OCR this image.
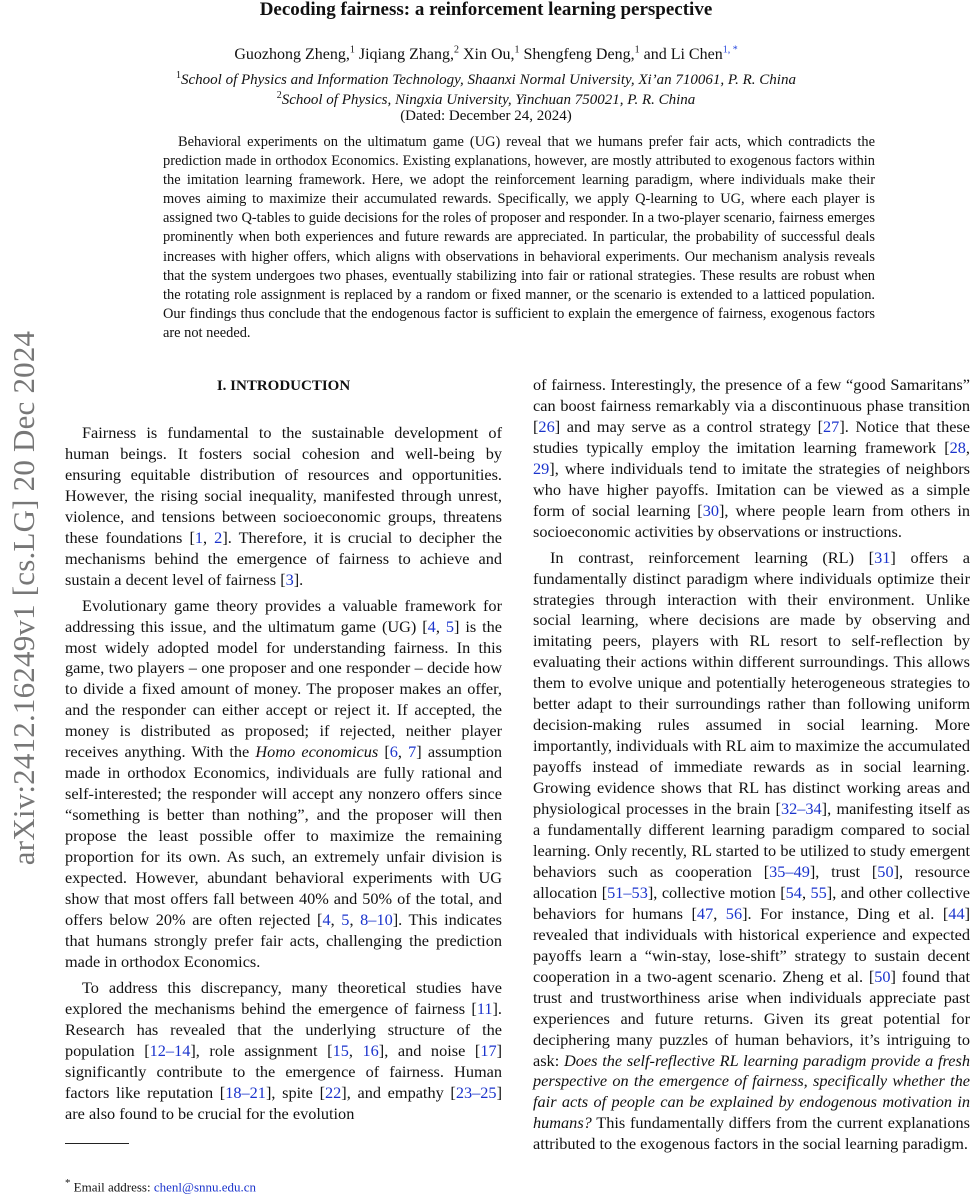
Decoding fairness: a reinforcement learning perspective
Guozhong Zheng,$^1$ Jiqiang Zhang,$^2$ Xin Ou,$^1$ Shengfeng Deng,$^1$ and Li Chen$^{1, *}$
$^1$School of Physics and Information Technology, Shaanxi Normal University, Xi’an 710061, P. R. China
$^2$School of Physics, Ningxia University, Yinchuan 750021, P. R. China
(Dated: December 24, 2024)

Behavioral experiments on the ultimatum game (UG) reveal that we humans prefer fair acts, which contradicts the prediction made in orthodox Economics. Existing explanations, however, are mostly attributed to exogenous factors within the imitation learning framework. Here, we adopt the reinforcement learning paradigm, where individuals make their moves aiming to maximize their accumulated rewards. Specifically, we apply Q-learning to UG, where each player is assigned two Q-tables to guide decisions for the roles of proposer and responder. In a two-player scenario, fairness emerges prominently when both experiences and future rewards are appreciated. In particular, the probability of successful deals increases with higher offers, which aligns with observations in behavioral experiments. Our mechanism analysis reveals that the system undergoes two phases, eventually stabilizing into fair or rational strategies. These results are robust when the rotating role assignment is replaced by a random or fixed manner, or the scenario is extended to a latticed population. Our findings thus conclude that the endogenous factor is sufficient to explain the emergence of fairness, exogenous factors are not needed.

arXiv:2412.16249v1 [cs.LG] 20 Dec 2024	I. INTRODUCTION

Fairness is fundamental to the sustainable development of human beings. It fosters social cohesion and well-being by ensuring equitable distribution of resources and opportunities. However, the rising social inequality, manifested through unrest, violence, and tensions between socioeconomic groups, threatens these foundations [1, 2]. Therefore, it is crucial to decipher the mechanisms behind the emergence of fairness to achieve and sustain a decent level of fairness [3].

Evolutionary game theory provides a valuable framework for addressing this issue, and the ultimatum game (UG) [4, 5] is the most widely adopted model for understanding fairness. In this game, two players – one proposer and one responder – decide how to divide a fixed amount of money. The proposer makes an offer, and the responder can either accept or reject it. If accepted, the money is distributed as proposed; if rejected, neither player receives anything. With the Homo economicus [6, 7] assumption made in orthodox Economics, individuals are fully rational and self-interested; the responder will accept any nonzero offers since “something is better than nothing”, and the proposer will then propose the least possible offer to maximize the remaining proportion for its own. As such, an extremely unfair division is expected. However, abundant behavioral experiments with UG show that most offers fall between 40% and 50% of the total, and offers below 20% are often rejected [4, 5, 8–10]. This indicates that humans strongly prefer fair acts, challenging the prediction made in orthodox Economics.

To address this discrepancy, many theoretical studies have explored the mechanisms behind the emergence of fairness [11]. Research has revealed that the underlying structure of the population [12–14], role assignment [15, 16], and noise [17] significantly contribute to the emergence of fairness. Human factors like reputation [18–21], spite [22], and empathy [23–25] are also found to be crucial for the evolution

of fairness. Interestingly, the presence of a few “good Samaritans” can boost fairness remarkably via a discontinuous phase transition [26] and may serve as a control strategy [27]. Notice that these studies typically employ the imitation learning framework [28, 29], where individuals tend to imitate the strategies of neighbors who have higher payoffs. Imitation can be viewed as a simple form of social learning [30], where people learn from others in socioeconomic activities by observations or instructions.

In contrast, reinforcement learning (RL) [31] offers a fundamentally distinct paradigm where individuals optimize their strategies through interaction with their environment. Unlike social learning, where decisions are made by observing and imitating peers, players with RL resort to self-reflection by evaluating their actions within different surroundings. This allows them to evolve unique and potentially heterogeneous strategies to better adapt to their surroundings rather than following uniform decision-making rules assumed in social learning. More importantly, individuals with RL aim to maximize the accumulated payoffs instead of immediate rewards as in social learning. Growing evidence shows that RL has distinct working areas and physiological processes in the brain [32–34], manifesting itself as a fundamentally different learning paradigm compared to social learning. Only recently, RL started to be utilized to study emergent behaviors such as cooperation [35–49], trust [50], resource allocation [51–53], collective motion [54, 55], and other collective behaviors for humans [47, 56]. For instance, Ding et al. [44] revealed that individuals with historical experience and expected payoffs learn a “win-stay, lose-shift” strategy to sustain decent cooperation in a two-agent scenario. Zheng et al. [50] found that trust and trustworthiness arise when individuals appreciate past experiences and future returns. Given its great potential for deciphering many puzzles of human behaviors, it’s intriguing to ask: Does the self-reflective RL learning paradigm provide a fresh perspective on the emergence of fairness, specifically whether the fair acts of people can be explained by endogenous motivation in humans? This fundamentally differs from the current explanations attributed to the exogenous factors in the social learning paradigm.

* Email address: chenl@snnu.edu.cn
